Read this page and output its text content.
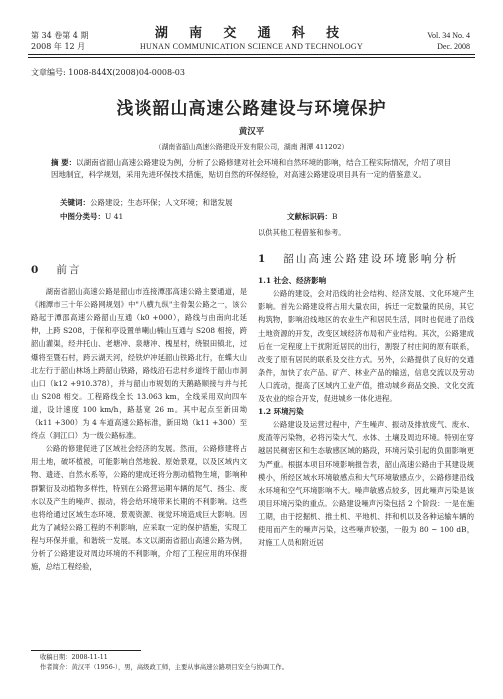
第 34 卷第 4 期
2008 年 12 月
湖 南 交 通 科 技
HUNAN COMMUNICATION SCIENCE AND TECHNOLOGY
Vol. 34 No. 4
Dec. 2008
文章编号: 1008-844X(2008)04-0008-03
浅谈韶山高速公路建设与环境保护
黄汉平
（湖南省韶山高速公路建设开发有限公司，湖南 湘潭 411202）
摘 要：以湖南省韶山高速公路建设为例，分析了公路修建对社会环境和自然环境的影响，结合工程实际情况，介绍了项目因地制宜，科学规划，采用先进环保技术措施，贴切自然的环保经验，对高速公路建设项目具有一定的借鉴意义。
关键词：公路建设；生态环保；人文环境；和谐发展
中图分类号：U 41	文献标识码：B

0 前言

湖南省韶山高速公路是韶山市连接潭邵高速公路主要通道，是《湘潭市三十年公路网规划》中"八横九纵"主骨架公路之一，该公路起于潭邵高速公路韶山互通（k0 +000），路线与由南向北延伸，上跨 S208，于保和亭设置单喇山楠山互通与 S208 相接，跨韶山灌渠，经井托山、老塘冲、泉塘冲、槐星村，绕银田镇北，过爆将至暨石村，跨云湖天河，经铁炉冲延韶山铁路北行，在蝶大山北左行于韶山林场上跨韶山铁路，路线沿石忠村乡道终于韶山市洞山口（k12 +910.378），并与韶山市规划的天鹅路顺接与并与托山 S208 相交。工程路线全长 13.063 km，全线采用双向四车道，设计速度 100 km/h，路基宽 26 m。其中起点至新田坳（k11 +300）为 4 车道高速公路标准，新田坳（k11 +300）至终点（洞江口）为一级公路标准。

公路的修建促进了区域社会经济的发展。然而，公路修建将占用土地，破坏植被，可能影响自然地貌、原始景观，以及区域内文物、遗迹、自然水系等，公路的建成还将分割动植物生境，影响种群繁衍及动植物多样性，特别在公路营运期车辆的尾气、扬尘、废水以及产生的噪声、振动，将会给环境带来长期的不利影响。这些也将给通过区域生态环境、景观资源、视觉环境造成巨大影响。因此为了减轻公路工程的不利影响，应采取一定的保护措施，实现工程与环保并重，和谐统一发展。本文以湖南省韶山高速公路为例，分析了公路建设对周边环境的不利影响，介绍了工程应用的环保措施，总结工程经验，

以供其他工程借鉴和参考。

1 韶山高速公路建设环境影响分析

1.1 社会、经济影响

公路的建设，会对沿线的社会结构、经济发展、文化环境产生影响。首先公路建设将占用大量农田，拆迁一定数量的民房，其它构筑物，影响沿线地区的农业生产和居民生活，同时也促进了沿线土地资源的开发，改变区域经济布局和产业结构。其次，公路建成后在一定程度上干扰附近居民的出行，割裂了村庄间的原有联系，改变了原有居民的联系及交往方式。另外，公路提供了良好的交通条件，加快了农产品、矿产、林业产品的输送，信息交流以及劳动人口流动，提高了区域内工业产值，推动城乡商品交换、文化交流及农业的综合开发，促进城乡一体化进程。

1.2 环境污染

公路建设及运营过程中，产生噪声、振动及排放废气、废水、废渣等污染物，必将污染大气、水体、土壤及周边环境。特别在穿越居民稠密区和生态敏感区域的路段，环境污染引起的负面影响更为严重。根据本项目环境影响报告表，韶山高速公路由于其建设规模小，所经区域水环境敏感点和大气环境敏感点少，公路修建沿线水环境和空气环境影响不大。噪声敏感点较多，因此噪声污染是该项目环境污染的重点。公路建设噪声污染包括 2 个阶段：一是在施工期，由于挖掘机、推土机、平地机、拌和机以及各种运输车辆的使用而产生的噪声污染，这些噪声较强，一般为 80 ~ 100 dB，对施工人员和附近居

收稿日期：2008-11-11
作者简介：黄汉平（1956-），男，高级政工师，主要从事高速公路项目安全与协调工作。
